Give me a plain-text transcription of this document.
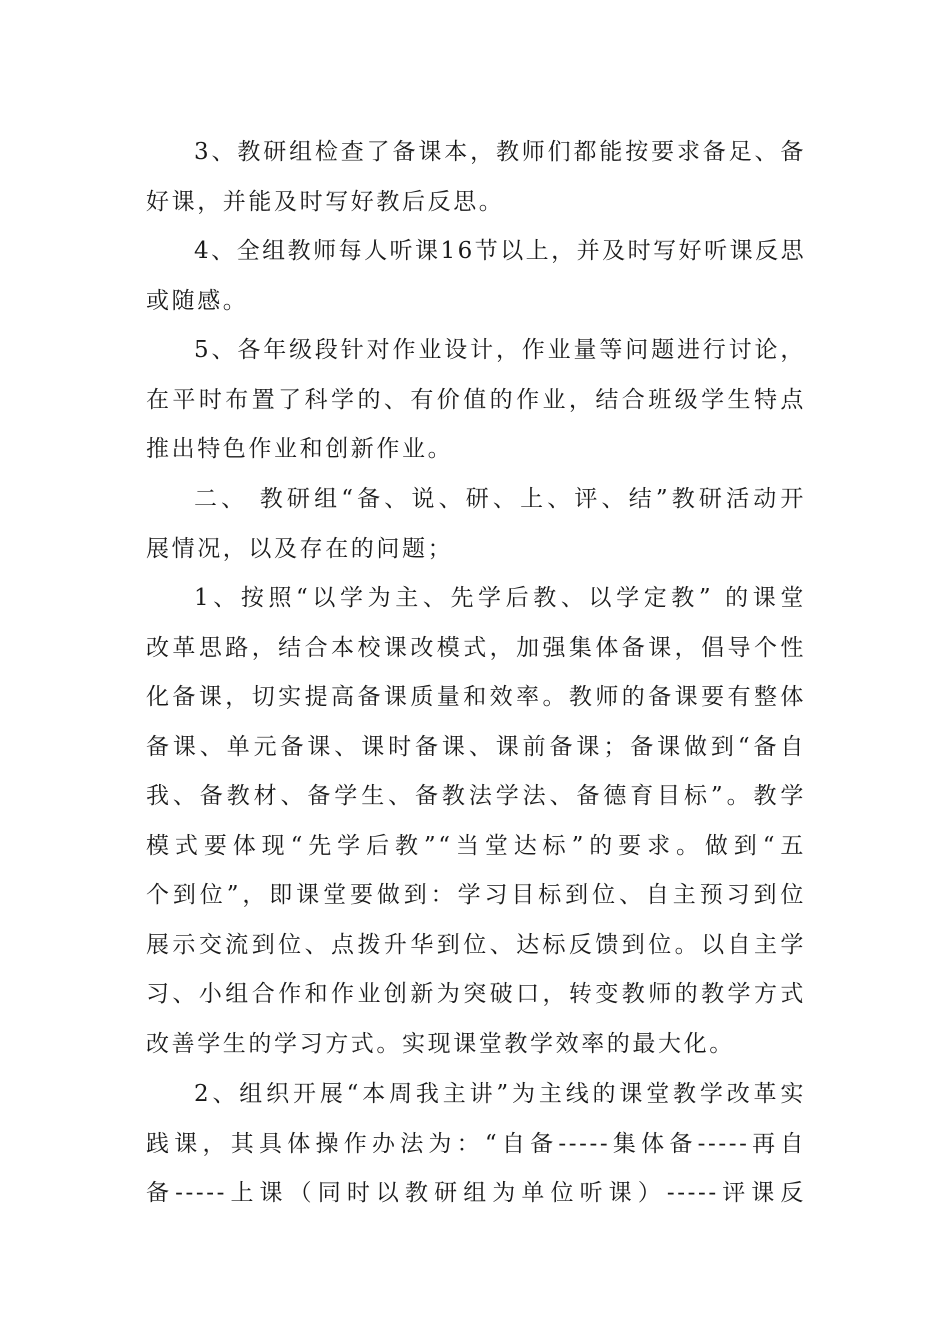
3、教研组检查了备课本，教师们都能按要求备足、备
好课，并能及时写好教后反思。
4、全组教师每人听课16节以上，并及时写好听课反思
或随感。
5、各年级段针对作业设计，作业量等问题进行讨论，
在平时布置了科学的、有价值的作业，结合班级学生特点
推出特色作业和创新作业。
二、 教研组“备、说、研、上、评、结”教研活动开
展情况，以及存在的问题；
1、按照“以学为主、先学后教、以学定教” 的课堂
改革思路，结合本校课改模式，加强集体备课，倡导个性
化备课，切实提高备课质量和效率。教师的备课要有整体
备课、单元备课、课时备课、课前备课；备课做到“备自
我、备教材、备学生、备教法学法、备德育目标”。教学
模式要体现“先学后教”“当堂达标”的要求。做到“五
个到位”，即课堂要做到：学习目标到位、自主预习到位
展示交流到位、点拨升华到位、达标反馈到位。以自主学
习、小组合作和作业创新为突破口，转变教师的教学方式
改善学生的学习方式。实现课堂教学效率的最大化。
2、组织开展“本周我主讲”为主线的课堂教学改革实
践课，其具体操作办法为：“自备-----集体备-----再自
备-----上课（同时以教研组为单位听课）-----评课反
